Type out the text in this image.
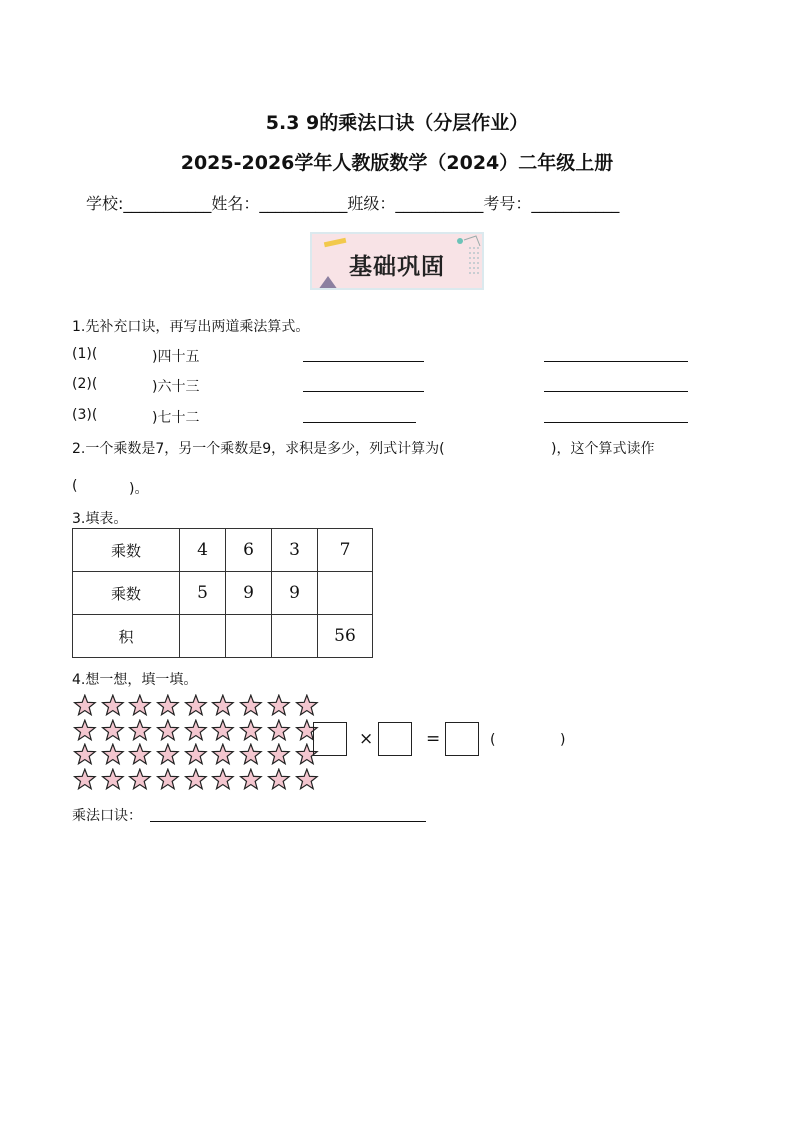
5.3 9的乘法口诀（分层作业）
2025-2026学年人教版数学（2024）二年级上册
学校:___________姓名：___________班级：___________考号：___________
基础巩固
1.先补充口诀，再写出两道乘法算式。
(1)(	)四十五
(2)(	)六十三
(3)(	)七十二
2.一个乘数是7，另一个乘数是9，求积是多少，列式计算为(	)，这个算式读作
(	)。
3.填表。
乘数	4	6	3	7
乘数	5	9	9	
积				56
4.想一想，填一填。
×	=	(	)
乘法口诀：
